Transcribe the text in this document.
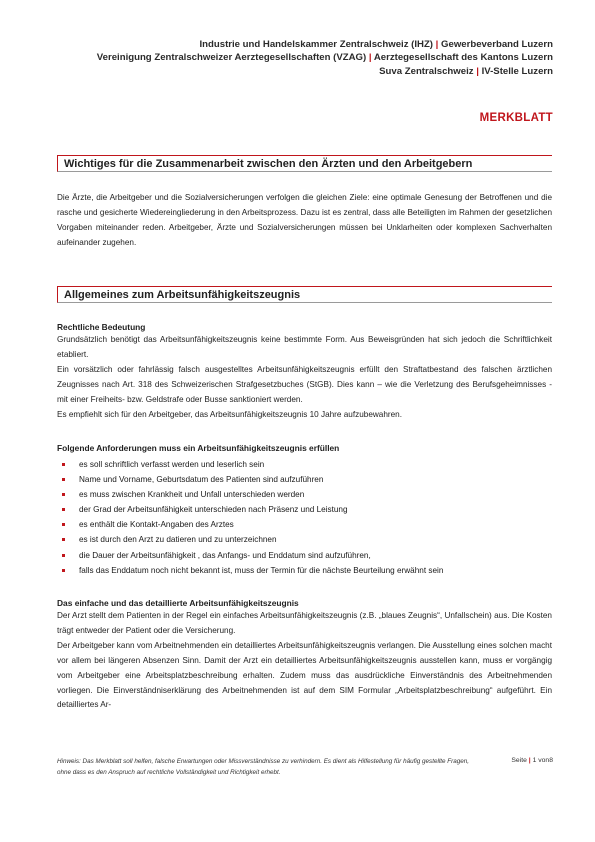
Industrie und Handelskammer Zentralschweiz (IHZ) | Gewerbeverband Luzern
Vereinigung Zentralschweizer Aerztegesellschaften (VZAG) | Aerztegesellschaft des Kantons Luzern
Suva Zentralschweiz | IV-Stelle Luzern
MERKBLATT
Wichtiges für die Zusammenarbeit zwischen den Ärzten und den Arbeitgebern
Die Ärzte, die Arbeitgeber und die Sozialversicherungen verfolgen die gleichen Ziele: eine optimale Genesung der Betroffenen und die rasche und gesicherte Wiedereingliederung in den Arbeitsprozess. Dazu ist es zentral, dass alle Beteiligten im Rahmen der gesetzlichen Vorgaben miteinander reden. Arbeitgeber, Ärzte und Sozialversicherungen müssen bei Unklarheiten oder komplexen Sachverhalten aufeinander zugehen.
Allgemeines zum Arbeitsunfähigkeitszeugnis
Rechtliche Bedeutung

Grundsätzlich benötigt das Arbeitsunfähigkeitszeugnis keine bestimmte Form. Aus Beweisgründen hat sich jedoch die Schriftlichkeit etabliert.

Ein vorsätzlich oder fahrlässig falsch ausgestelltes Arbeitsunfähigkeitszeugnis erfüllt den Straftatbestand des falschen ärztlichen Zeugnisses nach Art. 318 des Schweizerischen Strafgesetzbuches (StGB). Dies kann – wie die Verletzung des Berufsgeheimnisses - mit einer Freiheits- bzw. Geldstrafe oder Busse sanktioniert werden.

Es empfiehlt sich für den Arbeitgeber, das Arbeitsunfähigkeitszeugnis 10 Jahre aufzubewahren.

Folgende Anforderungen muss ein Arbeitsunfähigkeitszeugnis erfüllen
es soll schriftlich verfasst werden und leserlich sein
Name und Vorname, Geburtsdatum des Patienten sind aufzuführen
es muss zwischen Krankheit und Unfall unterschieden werden
der Grad der Arbeitsunfähigkeit unterschieden nach Präsenz und Leistung
es enthält die Kontakt-Angaben des Arztes
es ist durch den Arzt zu datieren und zu unterzeichnen
die Dauer der Arbeitsunfähigkeit , das Anfangs- und Enddatum sind aufzuführen,
falls das Enddatum noch nicht bekannt ist, muss der Termin für die nächste Beurteilung erwähnt sein
Das einfache und das detaillierte Arbeitsunfähigkeitszeugnis

Der Arzt stellt dem Patienten in der Regel ein einfaches Arbeitsunfähigkeitszeugnis (z.B. „blaues Zeugnis“, Unfallschein) aus. Die Kosten trägt entweder der Patient oder die Versicherung.

Der Arbeitgeber kann vom Arbeitnehmenden ein detailliertes Arbeitsunfähigkeitszeugnis verlangen. Die Ausstellung eines solchen macht vor allem bei längeren Absenzen Sinn. Damit der Arzt ein detailliertes Arbeitsunfähigkeitszeugnis ausstellen kann, muss er vorgängig vom Arbeitgeber eine Arbeitsplatzbeschreibung erhalten. Zudem muss das ausdrückliche Einverständnis des Arbeitnehmenden vorliegen. Die Einverständniserklärung des Arbeitnehmenden ist auf dem SIM Formular „Arbeitsplatzbeschreibung“ aufgeführt. Ein detailliertes Ar-

Hinweis: Das Merkblatt soll helfen, falsche Erwartungen oder Missverständnisse zu verhindern. Es dient als Hilfestellung für häufig gestellte Fragen, ohne dass es den Anspruch auf rechtliche Vollständigkeit und Richtigkeit erhebt.
Seite | 1 von8
